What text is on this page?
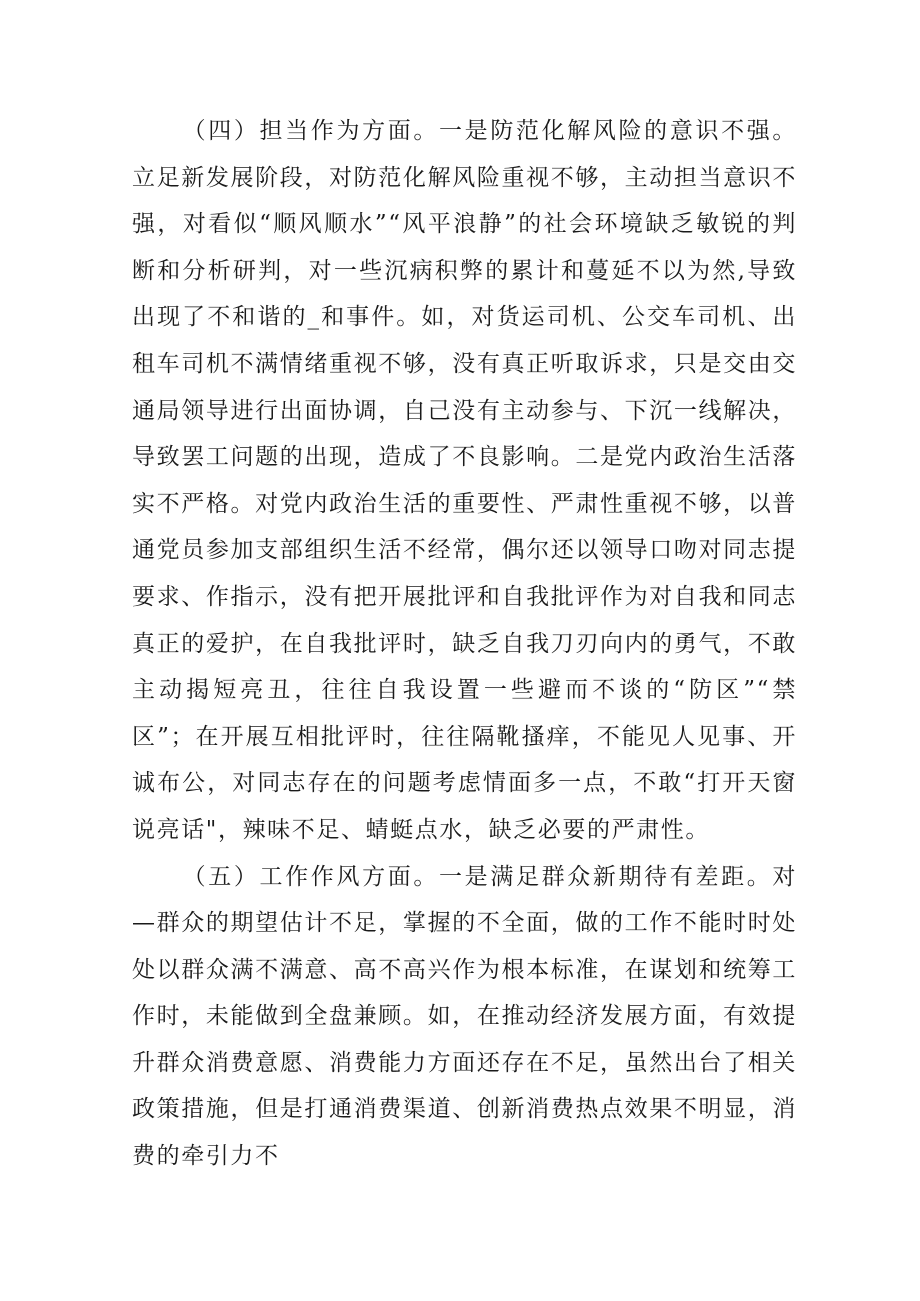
（四）担当作为方面。一是防范化解风险的意识不强。立足新发展阶段，对防范化解风险重视不够，主动担当意识不强，对看似“顺风顺水”“风平浪静”的社会环境缺乏敏锐的判断和分析研判，对一些沉病积弊的累计和蔓延不以为然,导致出现了不和谐的_和事件。如，对货运司机、公交车司机、出租车司机不满情绪重视不够，没有真正听取诉求，只是交由交通局领导进行出面协调，自己没有主动参与、下沉一线解决，导致罢工问题的出现，造成了不良影响。二是党内政治生活落实不严格。对党内政治生活的重要性、严肃性重视不够，以普通党员参加支部组织生活不经常，偶尔还以领导口吻对同志提要求、作指示，没有把开展批评和自我批评作为对自我和同志真正的爱护，在自我批评时，缺乏自我刀刃向内的勇气，不敢主动揭短亮丑，往往自我设置一些避而不谈的“防区”“禁区”；在开展互相批评时，往往隔靴搔痒，不能见人见事、开诚布公，对同志存在的问题考虑情面多一点，不敢“打开天窗说亮话"，辣味不足、蜻蜓点水，缺乏必要的严肃性。

（五）工作作风方面。一是满足群众新期待有差距。对—群众的期望估计不足，掌握的不全面，做的工作不能时时处处以群众满不满意、高不高兴作为根本标准，在谋划和统筹工作时，未能做到全盘兼顾。如，在推动经济发展方面，有效提升群众消费意愿、消费能力方面还存在不足，虽然出台了相关政策措施，但是打通消费渠道、创新消费热点效果不明显，消费的牵引力不
